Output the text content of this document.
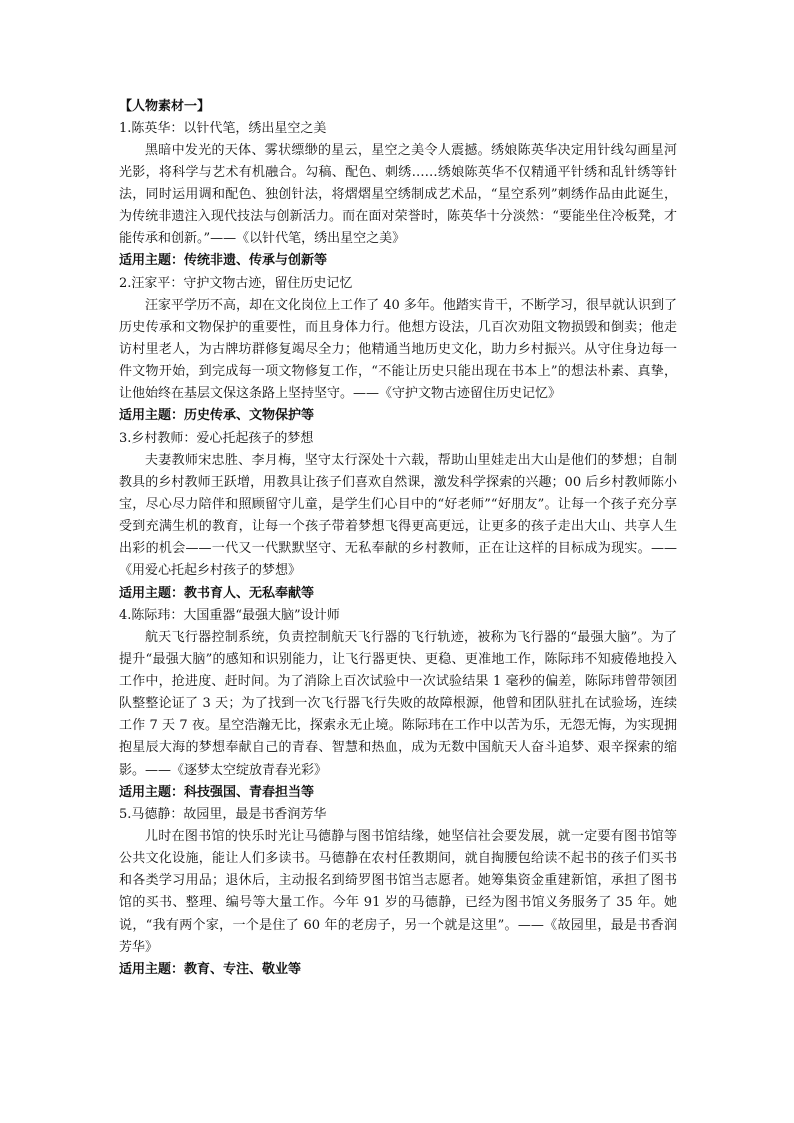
【人物素材一】
1.陈英华：以针代笔，绣出星空之美

黑暗中发光的天体、雾状缥缈的星云，星空之美令人震撼。绣娘陈英华决定用针线勾画星河光影，将科学与艺术有机融合。勾稿、配色、刺绣……绣娘陈英华不仅精通平针绣和乱针绣等针法，同时运用调和配色、独创针法，将熠熠星空绣制成艺术品，“星空系列”刺绣作品由此诞生，为传统非遗注入现代技法与创新活力。而在面对荣誉时，陈英华十分淡然：“要能坐住冷板凳，才能传承和创新。”——《以针代笔，绣出星空之美》

适用主题：传统非遗、传承与创新等
2.汪家平：守护文物古迹，留住历史记忆

汪家平学历不高，却在文化岗位上工作了 40 多年。他踏实肯干，不断学习，很早就认识到了历史传承和文物保护的重要性，而且身体力行。他想方设法，几百次劝阻文物损毁和倒卖；他走访村里老人，为古牌坊群修复竭尽全力；他精通当地历史文化，助力乡村振兴。从守住身边每一件文物开始，到完成每一项文物修复工作，“不能让历史只能出现在书本上”的想法朴素、真挚，让他始终在基层文保这条路上坚持坚守。——《守护文物古迹留住历史记忆》

适用主题：历史传承、文物保护等
3.乡村教师：爱心托起孩子的梦想

夫妻教师宋忠胜、李月梅，坚守太行深处十六载，帮助山里娃走出大山是他们的梦想；自制教具的乡村教师王跃增，用教具让孩子们喜欢自然课，激发科学探索的兴趣；00 后乡村教师陈小宝，尽心尽力陪伴和照顾留守儿童，是学生们心目中的“好老师”“好朋友”。让每一个孩子充分享受到充满生机的教育，让每一个孩子带着梦想飞得更高更远，让更多的孩子走出大山、共享人生出彩的机会——一代又一代默默坚守、无私奉献的乡村教师，正在让这样的目标成为现实。——《用爱心托起乡村孩子的梦想》

适用主题：教书育人、无私奉献等
4.陈际玮：大国重器“最强大脑”设计师

航天飞行器控制系统，负责控制航天飞行器的飞行轨迹，被称为飞行器的“最强大脑”。为了提升“最强大脑”的感知和识别能力，让飞行器更快、更稳、更准地工作，陈际玮不知疲倦地投入工作中，抢进度、赶时间。为了消除上百次试验中一次试验结果 1 毫秒的偏差，陈际玮曾带领团队整整论证了 3 天；为了找到一次飞行器飞行失败的故障根源，他曾和团队驻扎在试验场，连续工作 7 天 7 夜。星空浩瀚无比，探索永无止境。陈际玮在工作中以苦为乐，无怨无悔，为实现拥抱星辰大海的梦想奉献自己的青春、智慧和热血，成为无数中国航天人奋斗追梦、艰辛探索的缩影。——《逐梦太空绽放青春光彩》

适用主题：科技强国、青春担当等
5.马德静：故园里，最是书香润芳华

儿时在图书馆的快乐时光让马德静与图书馆结缘，她坚信社会要发展，就一定要有图书馆等公共文化设施，能让人们多读书。马德静在农村任教期间，就自掏腰包给读不起书的孩子们买书和各类学习用品；退休后，主动报名到绮罗图书馆当志愿者。她筹集资金重建新馆，承担了图书馆的买书、整理、编号等大量工作。今年 91 岁的马德静，已经为图书馆义务服务了 35 年。她说，“我有两个家，一个是住了 60 年的老房子，另一个就是这里”。——《故园里，最是书香润芳华》

适用主题：教育、专注、敬业等
